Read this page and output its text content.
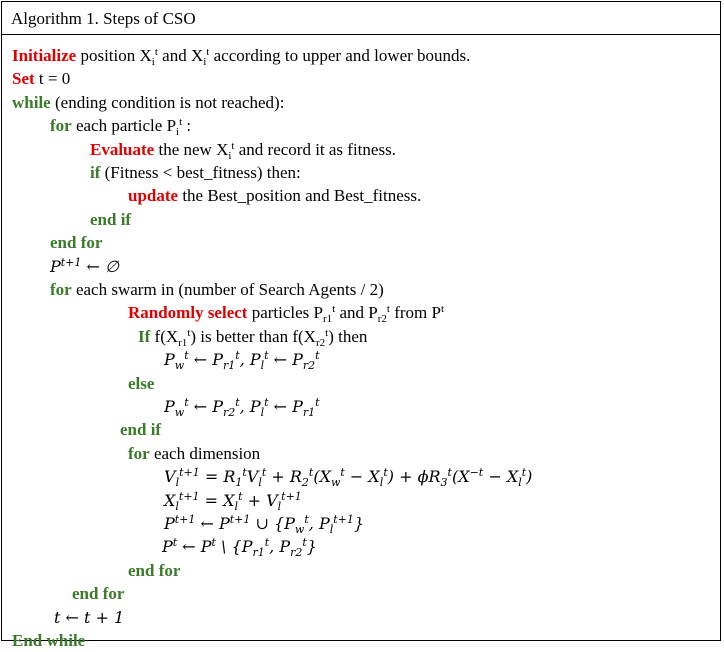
Algorithm 1. Steps of CSO
Initialize position $X_i^t$ and $X_i^t$ according to upper and lower bounds.
Set t = 0
while (ending condition is not reached):
for each particle $P_i^t$ :
Evaluate the new $X_i^t$ and record it as fitness.
if (Fitness < best_fitness) then:
update the Best_position and Best_fitness.
end if
end for
$P^{t+1}$ ← ∅
for each swarm in (number of Search Agents / 2)
Randomly select particles $P_{r1}^t$ and $P_{r2}^t$ from $P^t$
If $f(X_{r1}^t)$ is better than $f(X_{r2}^t)$ then
$P_w^t$ ← $P_{r1}^t$, $P_l^t$ ← $P_{r2}^t$
else
$P_w^t$ ← $P_{r2}^t$, $P_l^t$ ← $P_{r1}^t$
end if
for each dimension
$V_l^{t+1} = R_1^tV_l^t + R_2^t(X_w^t - X_l^t) + \phi R_3^t(X^{-t} - X_l^t)$
$X_l^{t+1} = X_l^t + V_l^{t+1}$
$P^{t+1}$ ← $P^{t+1}$ ∪ {$P_w^t$, $P_l^{t+1}$}
$P^t$ ← $P^t$ \ {$P_{r1}^t$, $P_{r2}^t$}
end for
end for
t ← t + 1
End while
